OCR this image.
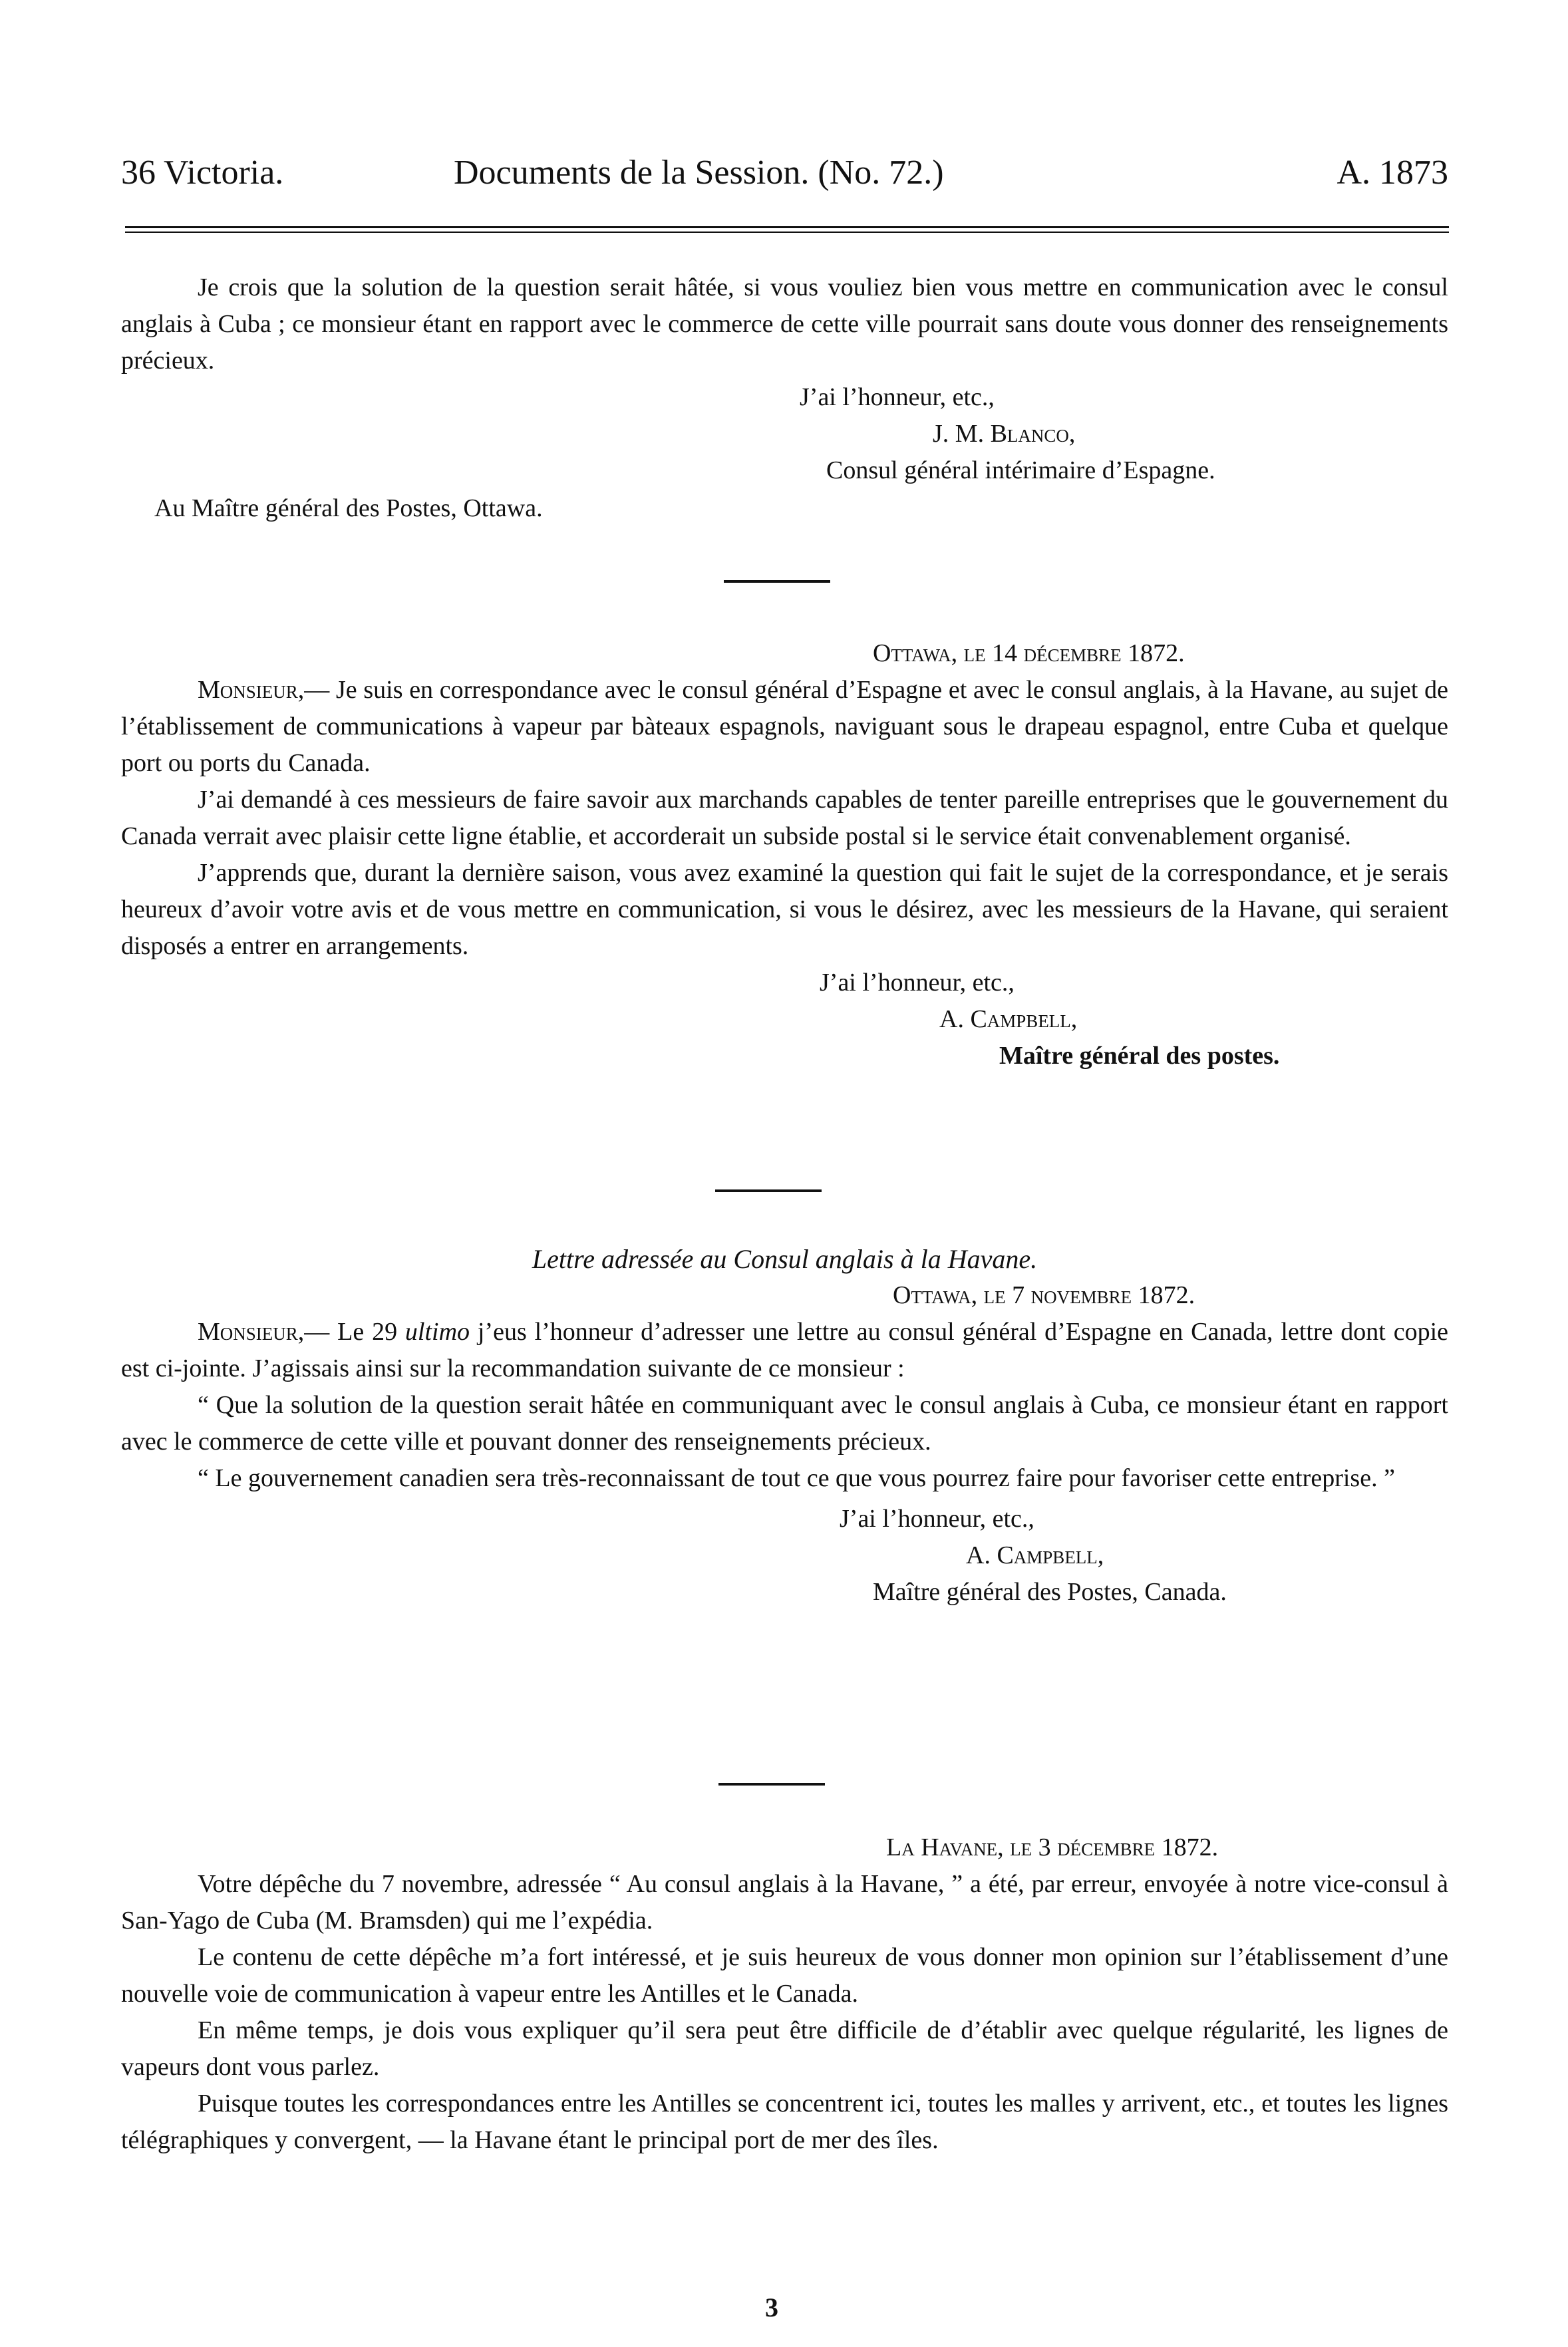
36 Victoria.	Documents de la Session. (No. 72.)	A. 1873

Je crois que la solution de la question serait hâtée, si vous vouliez bien vous mettre en communication avec le consul anglais à Cuba ; ce monsieur étant en rapport avec le commerce de cette ville pourrait sans doute vous donner des renseignements précieux.

J’ai l’honneur, etc.,

J. M. Blanco,

Consul général intérimaire d’Espagne.

Au Maître général des Postes, Ottawa.

Ottawa, le 14 décembre 1872.

Monsieur,— Je suis en correspondance avec le consul général d’Espagne et avec le consul anglais, à la Havane, au sujet de l’établissement de communications à vapeur par bàteaux espagnols, naviguant sous le drapeau espagnol, entre Cuba et quelque port ou ports du Canada.

J’ai demandé à ces messieurs de faire savoir aux marchands capables de tenter pareille entreprises que le gouvernement du Canada verrait avec plaisir cette ligne établie, et accorderait un subside postal si le service était convenablement organisé.

J’apprends que, durant la dernière saison, vous avez examiné la question qui fait le sujet de la correspondance, et je serais heureux d’avoir votre avis et de vous mettre en communication, si vous le désirez, avec les messieurs de la Havane, qui seraient disposés a entrer en arrangements.

J’ai l’honneur, etc.,

A. Campbell,

Maître général des postes.

Lettre adressée au Consul anglais à la Havane.

Ottawa, le 7 novembre 1872.

Monsieur,— Le 29 ultimo j’eus l’honneur d’adresser une lettre au consul général d’Espagne en Canada, lettre dont copie est ci-jointe. J’agissais ainsi sur la recommandation suivante de ce monsieur :

“ Que la solution de la question serait hâtée en communiquant avec le consul anglais à Cuba, ce monsieur étant en rapport avec le commerce de cette ville et pouvant donner des renseignements précieux.

“ Le gouvernement canadien sera très-reconnaissant de tout ce que vous pourrez faire pour favoriser cette entreprise. ”

J’ai l’honneur, etc.,

A. Campbell,

Maître général des Postes, Canada.

La Havane, le 3 décembre 1872.

Votre dépêche du 7 novembre, adressée “ Au consul anglais à la Havane, ” a été, par erreur, envoyée à notre vice-consul à San-Yago de Cuba (M. Bramsden) qui me l’expédia.

Le contenu de cette dépêche m’a fort intéressé, et je suis heureux de vous donner mon opinion sur l’établissement d’une nouvelle voie de communication à vapeur entre les Antilles et le Canada.

En même temps, je dois vous expliquer qu’il sera peut être difficile de d’établir avec quelque régularité, les lignes de vapeurs dont vous parlez.

Puisque toutes les correspondances entre les Antilles se concentrent ici, toutes les malles y arrivent, etc., et toutes les lignes télégraphiques y convergent, — la Havane étant le principal port de mer des îles.

3
